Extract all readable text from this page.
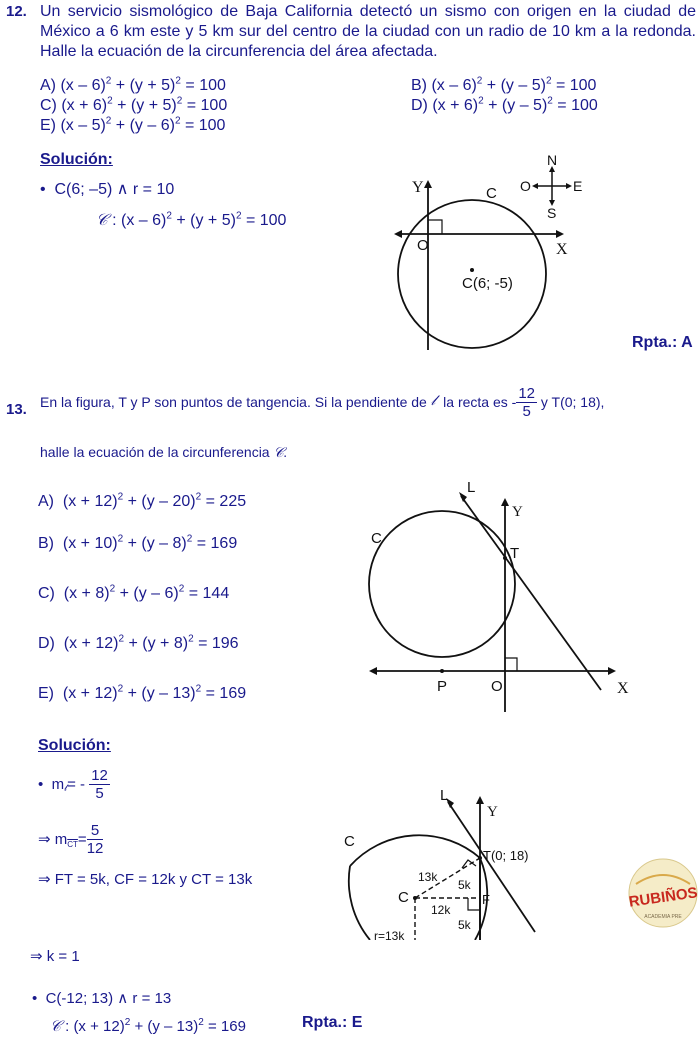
12. Un servicio sismológico de Baja California detectó un sismo con origen en la ciudad de México a 6 km este y 5 km sur del centro de la ciudad con un radio de 10 km a la redonda. Halle la ecuación de la circunferencia del área afectada.
A) $(x - 6)^2 + (y + 5)^2 = 100$	B) (x – 6)$^2$ + (y – 5)$^2$ = 100
C) $(x + 6)^2 + (y + 5)^2 = 100$	D) $(x + 6)^2 + (y - 5)^2 = 100$
E) (x – 5)$^2$ + (y – 6)$^2$ = 100
Solución:
•  C(6; –5) ∧ r = 10
𝒞 : $(x - 6)^2 + (y + 5)^2 = 100$
Y
X
C
O
C(6; -5)
N
S
E
O
Rpta.: A
13. En la figura, T y P son puntos de tangencia. Si la pendiente de
𝓁
la recta es - $\frac{12}{5}$
y T(0; 18),
halle la ecuación de la circunferencia 𝒞.
A) $(x + 12)^2 + (y - 20)^2 = 225$
B) $(x + 10)^2 + (y - 8)^2 = 169$
C) $(x + 8)^2 + (y - 6)^2 = 144$
D) $(x + 12)^2 + (y + 8)^2 = 196$
E) $(x + 12)^2 + (y - 13)^2 = 169$
L
Y
C
T
P	O	X
Solución:
• m 𝓁 = -
$\frac{12}{5}$
⇒
m $\overline{CT} = \frac{5}{12}$
⇒ FT = 5k, CF = 12k y CT = 13k
⇒ k = 1
•  C(-12; 13) ∧ r = 13
𝒞 : $(x + 12)^2 + (y - 13)^2 = 169$	Rpta.: E
L
Y
C
T(0; 18)
C	F
13k
5k
12k
5k
r=13k
RUBIÑOS
ACADEMIA PRE
